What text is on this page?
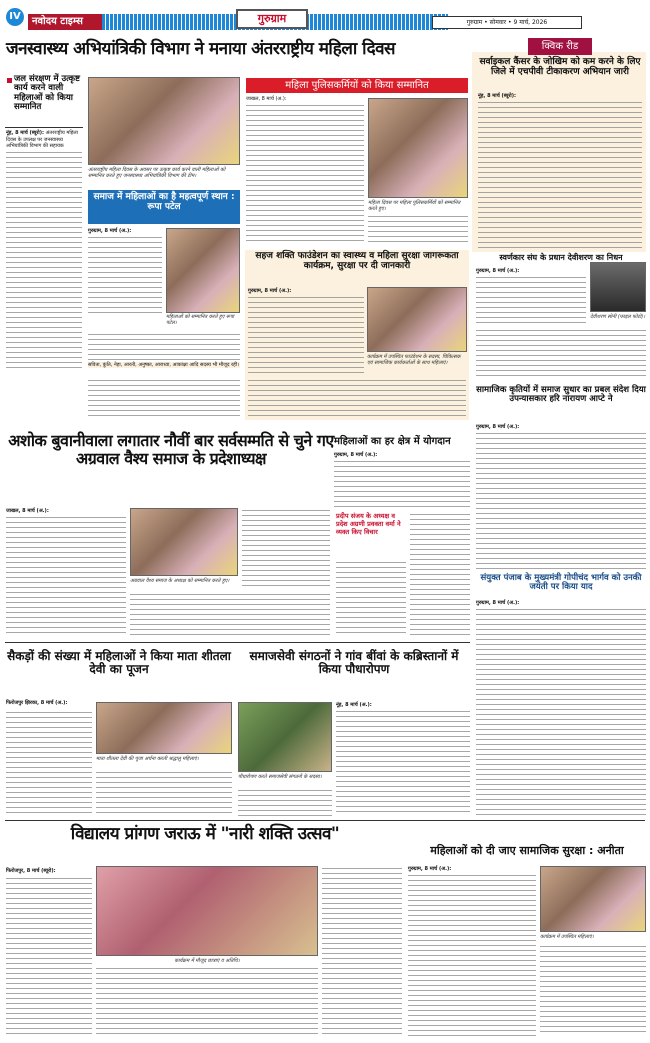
IV	नवोदय टाइम्स	गुरुग्राम	गुरुग्राम • सोमवार • 9 मार्च, 2026
जनस्वास्थ्य अभियांत्रिकी विभाग ने मनाया अंतरराष्ट्रीय महिला दिवस
जल संरक्षण में उत्कृष्ट कार्य करने वाली महिलाओं को किया सम्मानित
नूंह, 8 मार्च (ब्यूरो): अंतरराष्ट्रीय महिला दिवस के उपलक्ष पर जनस्वास्थ्य अभियांत्रिकी विभाग की सहायक
अंतरराष्ट्रीय महिला दिवस के अवसर पर उत्कृष्ट कार्य करने वाली महिलाओं को सम्मानित करते हुए जनस्वास्थ्य अभियांत्रिकी विभाग की टीम।
महिला पुलिसकर्मियों को किया सम्मानित
जाखल, 8 मार्च (अ.):
महिला दिवस पर महिला पुलिसकर्मियों को सम्मानित करते हुए।
समाज में महिलाओं का है महत्वपूर्ण स्थान : रूपा पटेल
गुरुग्राम, 8 मार्च (अ.):
महिलाओं को सम्मानित करते हुए रूपा पटेल।
सविता, कुंति, नेहा, आरती, अनुष्का, आराध्या, आकांक्षा आदि सदस्य भी मौजूद रहीं।
सहज शक्ति फाउंडेशन का स्वास्थ्य व महिला सुरक्षा जागरूकता कार्यक्रम, सुरक्षा पर दी जानकारी
गुरुग्राम, 8 मार्च (अ.):
कार्यक्रम में उपस्थित फाउंडेशन के सदस्य, चिकित्सक एवं सामाजिक कार्यकर्ताओं के साथ महिलाएं।
क्विक रीड
सर्वाइकल कैंसर के जोखिम को कम करने के लिए जिले में एचपीवी टीकाकरण अभियान जारी
नूंह, 8 मार्च (ब्यूरो):
स्वर्णकार संघ के प्रधान देवीशरण का निधन
गुरुग्राम, 8 मार्च (अ.):
देवीशरण सोनी (फाइल फोटो)।
सामाजिक कृतियों में समाज सुधार का प्रबल संदेश दिया उपन्यासकार हरि नारायण आप्टे ने
गुरुग्राम, 8 मार्च (अ.):
संयुक्त पंजाब के मुख्यमंत्री गोपीचंद भार्गव को उनकी जयंती पर किया याद
गुरुग्राम, 8 मार्च (अ.):
अशोक बुवानीवाला लगातार नौवीं बार सर्वसम्मति से चुने गए अग्रवाल वैश्य समाज के प्रदेशाध्यक्ष
जाखल, 8 मार्च (अ.):
अग्रवाल वैश्य समाज के अध्यक्ष को सम्मानित करते हुए।
महिलाओं का हर क्षेत्र में योगदान
गुरुग्राम, 8 मार्च (अ.):
प्रदीप संजय के अध्यक्ष व प्रदेश अग्रणी प्रवक्ता वर्मा ने व्यक्त किए विचार
सैकड़ों की संख्या में महिलाओं ने किया माता शीतला देवी का पूजन
फिरोजपुर झिरका, 8 मार्च (अ.):
माता शीतला देवी की पूजा अर्चना करती श्रद्धालु महिलाएं।
समाजसेवी संगठनों ने गांव बींवां के कब्रिस्तानों में किया पौधारोपण
पौधारोपण करते समाजसेवी संगठनों के सदस्य।
नूंह, 8 मार्च (अ.):
विद्यालय प्रांगण जराऊ में "नारी शक्ति उत्सव"
फिरोजपुर, 8 मार्च (ब्यूरो):
कार्यक्रम में मौजूद छात्राएं व अतिथि।
महिलाओं को दी जाए सामाजिक सुरक्षा : अनीता
गुरुग्राम, 8 मार्च (अ.):
कार्यक्रम में उपस्थित महिलाएं।
